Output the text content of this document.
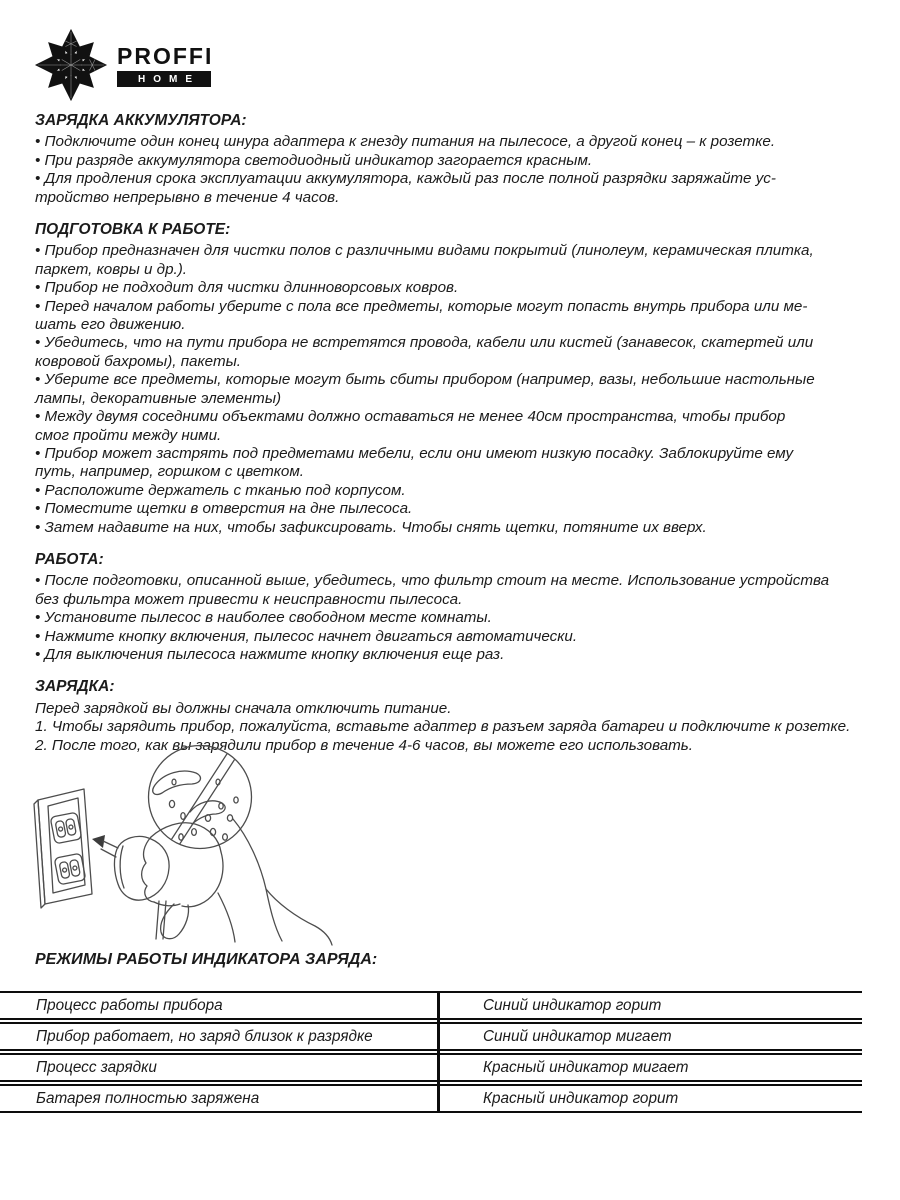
PROFFI
HOME
ЗАРЯДКА АККУМУЛЯТОРА:
• Подключите один конец шнура адаптера к гнезду питания на пылесосе, а другой конец – к розетке.
• При разряде аккумулятора светодиодный индикатор загорается красным.
• Для продления срока эксплуатации аккумулятора, каждый раз после полной разрядки заряжайте ус-
тройство непрерывно в течение 4 часов.
ПОДГОТОВКА К РАБОТЕ:
• Прибор предназначен для чистки полов с различными видами покрытий (линолеум, керамическая плитка,
паркет, ковры и др.).
• Прибор не подходит для чистки длинноворсовых ковров.
• Перед началом работы уберите с пола все предметы, которые могут попасть внутрь прибора или ме-
шать его движению.
• Убедитесь, что на пути прибора не встретятся провода, кабели или кистей (занавесок, скатертей или
ковровой бахромы), пакеты.
• Уберите все предметы, которые могут быть сбиты прибором (например, вазы, небольшие настольные
лампы, декоративные элементы)
• Между двумя соседними объектами должно оставаться не менее 40см пространства, чтобы прибор
смог пройти между ними.
• Прибор может застрять под предметами мебели, если они имеют низкую посадку. Заблокируйте ему
путь, например, горшком с цветком.
• Расположите держатель с тканью под корпусом.
• Поместите щетки в отверстия на дне пылесоса.
• Затем надавите на них, чтобы зафиксировать. Чтобы снять щетки, потяните их вверх.
РАБОТА:
• После подготовки, описанной выше, убедитесь, что фильтр стоит на месте. Использование устройства
без фильтра может привести к неисправности пылесоса.
• Установите пылесос в наиболее свободном месте комнаты.
• Нажмите кнопку включения, пылесос начнет двигаться автоматически.
• Для выключения пылесоса нажмите кнопку включения еще раз.
ЗАРЯДКА:
Перед зарядкой вы должны сначала отключить питание.
1. Чтобы зарядить прибор, пожалуйста, вставьте адаптер в разъем заряда батареи и подключите к розетке.
2. После того, как вы зарядили прибор в течение 4-6 часов, вы можете его использовать.
РЕЖИМЫ РАБОТЫ ИНДИКАТОРА ЗАРЯДА:
Процесс работы прибора	Синий индикатор горит
Прибор работает, но заряд близок к разрядке	Синий индикатор мигает
Процесс зарядки	Красный индикатор мигает
Батарея полностью заряжена	Красный индикатор горит
